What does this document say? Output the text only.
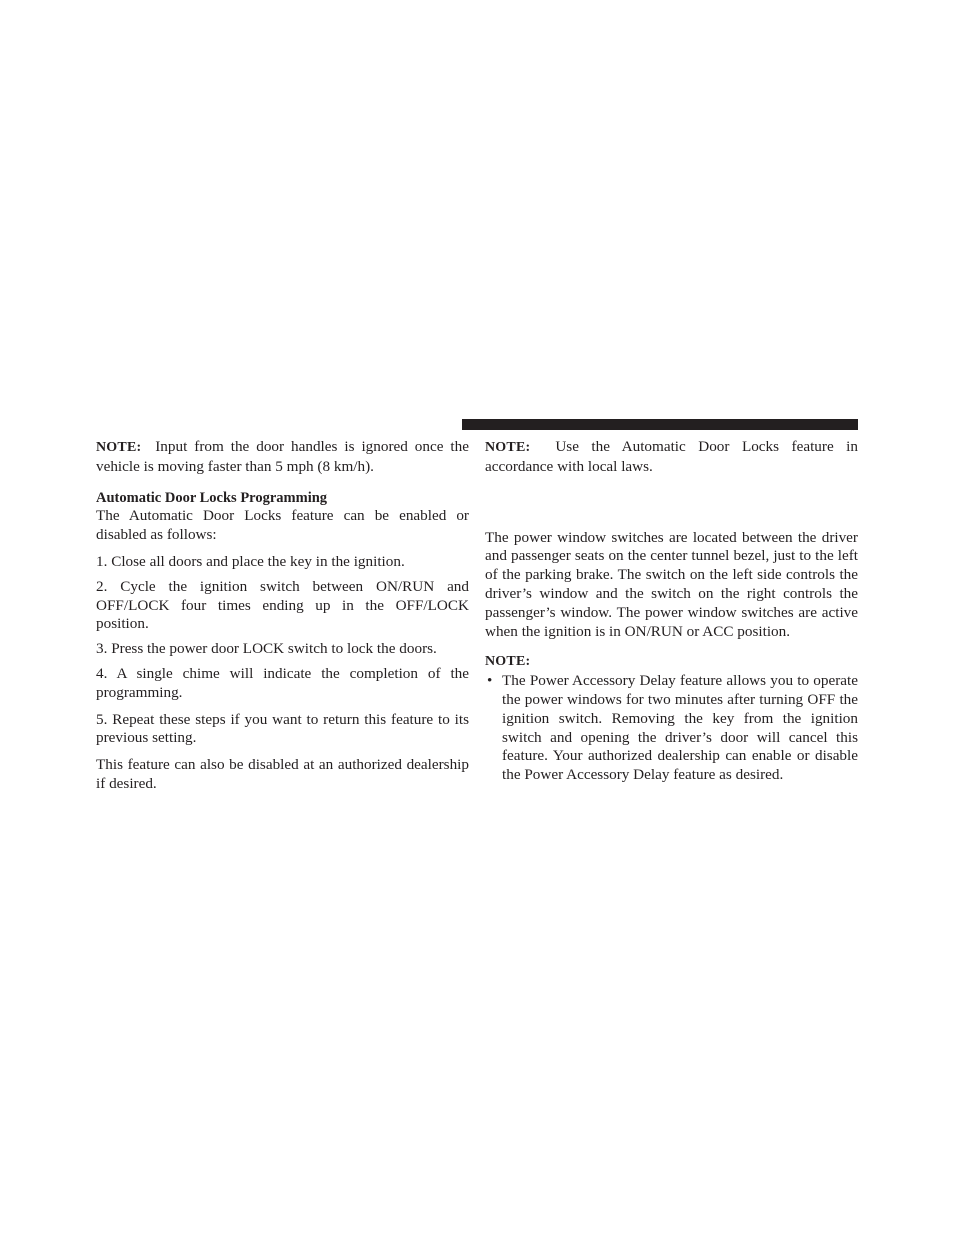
NOTE: Input from the door handles is ignored once the vehicle is moving faster than 5 mph (8 km/h).

Automatic Door Locks Programming

The Automatic Door Locks feature can be enabled or disabled as follows:

1. Close all doors and place the key in the ignition.

2. Cycle the ignition switch between ON/RUN and OFF/LOCK four times ending up in the OFF/LOCK position.

3. Press the power door LOCK switch to lock the doors.

4. A single chime will indicate the completion of the programming.

5. Repeat these steps if you want to return this feature to its previous setting.

This feature can also be disabled at an authorized dealership if desired.

NOTE: Use the Automatic Door Locks feature in accordance with local laws.

The power window switches are located between the driver and passenger seats on the center tunnel bezel, just to the left of the parking brake. The switch on the left side controls the driver’s window and the switch on the right controls the passenger’s window. The power window switches are active when the ignition is in ON/RUN or ACC position.

NOTE:

• The Power Accessory Delay feature allows you to operate the power windows for two minutes after turning OFF the ignition switch. Removing the key from the ignition switch and opening the driver’s door will cancel this feature. Your authorized dealership can enable or disable the Power Accessory Delay feature as desired.
